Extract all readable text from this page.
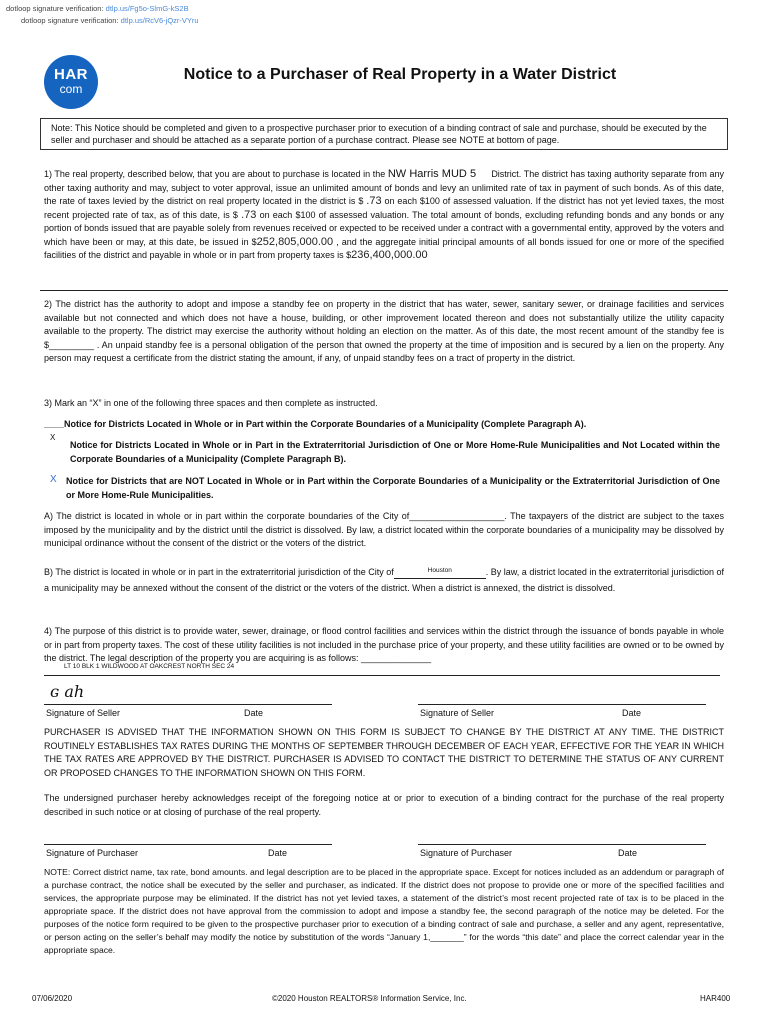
dotloop signature verification: dtlp.us/Fg5o-SlmG-kS2B
dotloop signature verification: dtlp.us/RcV6-jQzr-VYru
HAR
com
Notice to a Purchaser of Real Property in a Water District
Note: This Notice should be completed and given to a prospective purchaser prior to execution of a binding contract of sale and purchase, should be executed by the seller and purchaser and should be attached as a separate portion of a purchase contract. Please see NOTE at bottom of page.
1) The real property, described below, that you are about to purchase is located in the NW Harris MUD 5 District. The district has taxing authority separate from any other taxing authority and may, subject to voter approval, issue an unlimited amount of bonds and levy an unlimited rate of tax in payment of such bonds. As of this date, the rate of taxes levied by the district on real property located in the district is $ .73 on each $100 of assessed valuation. If the district has not yet levied taxes, the most recent projected rate of tax, as of this date, is $ .73 on each $100 of assessed valuation. The total amount of bonds, excluding refunding bonds and any bonds or any portion of bonds issued that are payable solely from revenues received or expected to be received under a contract with a governmental entity, approved by the voters and which have been or may, at this date, be issued in $252,805,000.00 , and the aggregate initial principal amounts of all bonds issued for one or more of the specified facilities of the district and payable in whole or in part from property taxes is $236,400,000.00
2) The district has the authority to adopt and impose a standby fee on property in the district that has water, sewer, sanitary sewer, or drainage facilities and services available but not connected and which does not have a house, building, or other improvement located thereon and does not substantially utilize the utility capacity available to the property. The district may exercise the authority without holding an election on the matter. As of this date, the most recent amount of the standby fee is $_________ . An unpaid standby fee is a personal obligation of the person that owned the property at the time of imposition and is secured by a lien on the property. Any person may request a certificate from the district stating the amount, if any, of unpaid standby fees on a tract of property in the district.
3) Mark an “X” in one of the following three spaces and then complete as instructed.
____Notice for Districts Located in Whole or in Part within the Corporate Boundaries of a Municipality (Complete Paragraph A).
X
Notice for Districts Located in Whole or in Part in the Extraterritorial Jurisdiction of One or More Home-Rule Municipalities and Not Located within the Corporate Boundaries of a Municipality (Complete Paragraph B).
X Notice for Districts that are NOT Located in Whole or in Part within the Corporate Boundaries of a Municipality or the Extraterritorial Jurisdiction of One or More Home-Rule Municipalities.
A) The district is located in whole or in part within the corporate boundaries of the City of___________________. The taxpayers of the district are subject to the taxes imposed by the municipality and by the district until the district is dissolved. By law, a district located within the corporate boundaries of a municipality may be dissolved by municipal ordinance without the consent of the district or the voters of the district.
B) The district is located in whole or in part in the extraterritorial jurisdiction of the City of	Houston	. By law, a district located in the extraterritorial jurisdiction of a municipality may be annexed without the consent of the district or the voters of the district. When a district is annexed, the district is dissolved.
4) The purpose of this district is to provide water, sewer, drainage, or flood control facilities and services within the district through the issuance of bonds payable in whole or in part from property taxes. The cost of these utility facilities is not included in the purchase price of your property, and these utility facilities are owned or to be owned by the district. The legal description of the property you are acquiring is as follows: ______________
LT 10 BLK 1 WILDWOOD AT OAKCREST NORTH SEC 24
ɢ ah
Signature of Seller	Date	Signature of Seller	Date
PURCHASER IS ADVISED THAT THE INFORMATION SHOWN ON THIS FORM IS SUBJECT TO CHANGE BY THE DISTRICT AT ANY TIME. THE DISTRICT ROUTINELY ESTABLISHES TAX RATES DURING THE MONTHS OF SEPTEMBER THROUGH DECEMBER OF EACH YEAR, EFFECTIVE FOR THE YEAR IN WHICH THE TAX RATES ARE APPROVED BY THE DISTRICT. PURCHASER IS ADVISED TO CONTACT THE DISTRICT TO DETERMINE THE STATUS OF ANY CURRENT OR PROPOSED CHANGES TO THE INFORMATION SHOWN ON THIS FORM.
The undersigned purchaser hereby acknowledges receipt of the foregoing notice at or prior to execution of a binding contract for the purchase of the real property described in such notice or at closing of purchase of the real property.
Signature of Purchaser	Date	Signature of Purchaser	Date
NOTE: Correct district name, tax rate, bond amounts. and legal description are to be placed in the appropriate space. Except for notices included as an addendum or paragraph of a purchase contract, the notice shall be executed by the seller and purchaser, as indicated. If the district does not propose to provide one or more of the specified facilities and services, the appropriate purpose may be eliminated. If the district has not yet levied taxes, a statement of the district’s most recent projected rate of tax is to be placed in the appropriate space. If the district does not have approval from the commission to adopt and impose a standby fee, the second paragraph of the notice may be deleted. For the purposes of the notice form required to be given to the prospective purchaser prior to execution of a binding contract of sale and purchase, a seller and any agent, representative, or person acting on the seller’s behalf may modify the notice by substitution of the words “January 1,_______” for the words “this date” and place the correct calendar year in the appropriate space.
07/06/2020	©2020 Houston REALTORS® Information Service, Inc.	HAR400
